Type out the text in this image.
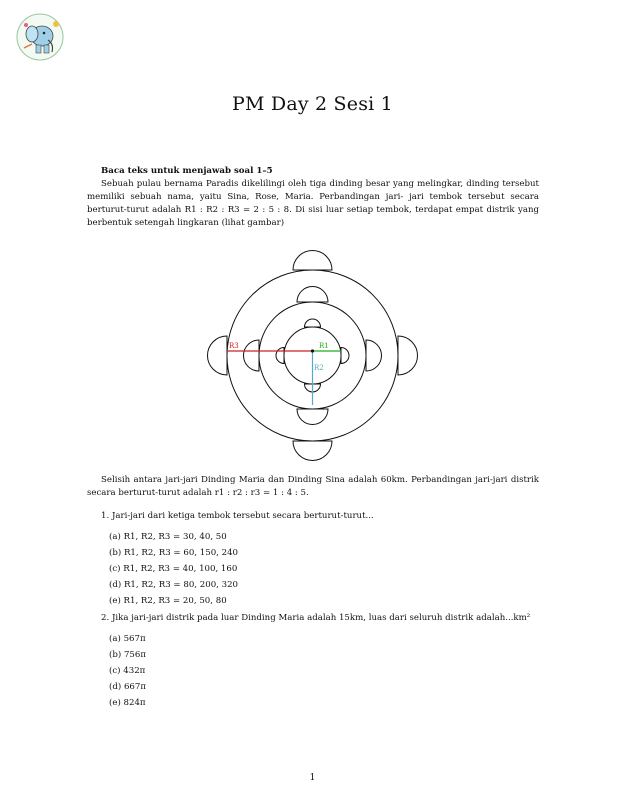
PM Day 2 Sesi 1
Baca teks untuk menjawab soal 1–5
Sebuah pulau bernama Paradis dikelilingi oleh tiga dinding besar yang melingkar, dinding tersebut memiliki sebuah nama, yaitu Sina, Rose, Maria. Perbandingan jari- jari tembok tersebut secara berturut-turut adalah R1 : R2 : R3 = 2 : 5 : 8. Di sisi luar setiap tembok, terdapat empat distrik yang berbentuk setengah lingkaran (lihat gambar)
R3	R1
R2
Selisih antara jari-jari Dinding Maria dan Dinding Sina adalah 60km. Perbandingan jari-jari distrik secara berturut-turut adalah r1 : r2 : r3 = 1 : 4 : 5.
1. Jari-jari dari ketiga tembok tersebut secara berturut-turut...
(a) R1, R2, R3 = 30, 40, 50
(b) R1, R2, R3 = 60, 150, 240
(c) R1, R2, R3 = 40, 100, 160
(d) R1, R2, R3 = 80, 200, 320
(e) R1, R2, R3 = 20, 50, 80
2. Jika jari-jari distrik pada luar Dinding Maria adalah 15km, luas dari seluruh distrik adalah...km²
(a) 567π
(b) 756π
(c) 432π
(d) 667π
(e) 824π
1
